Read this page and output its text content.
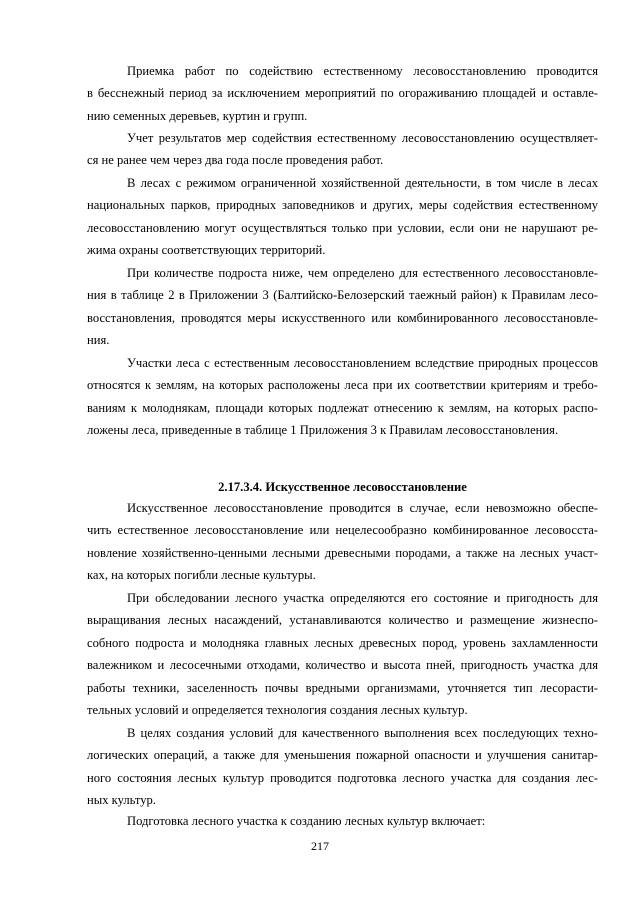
Приемка работ по содействию естественному лесовосстановлению проводится
в бесснежный период за исключением мероприятий по огораживанию площадей и оставле-
нию семенных деревьев, куртин и групп.
Учет результатов мер содействия естественному лесовосстановлению осуществляет-
ся не ранее чем через два года после проведения работ.
В лесах с режимом ограниченной хозяйственной деятельности, в том числе в лесах
национальных парков, природных заповедников и других, меры содействия естественному
лесовосстановлению могут осуществляться только при условии, если они не нарушают ре-
жима охраны соответствующих территорий.
При количестве подроста ниже, чем определено для естественного лесовосстановле-
ния в таблице 2 в Приложении 3 (Балтийско-Белозерский таежный район) к Правилам лесо-
восстановления, проводятся меры искусственного или комбинированного лесовосстановле-
ния.
Участки леса с естественным лесовосстановлением вследствие природных процессов
относятся к землям, на которых расположены леса при их соответствии критериям и требо-
ваниям к молоднякам, площади которых подлежат отнесению к землям, на которых распо-
ложены леса, приведенные в таблице 1 Приложения 3 к Правилам лесовосстановления.
2.17.3.4. Искусственное лесовосстановление
Искусственное лесовосстановление проводится в случае, если невозможно обеспе-
чить естественное лесовосстановление или нецелесообразно комбинированное лесовосста-
новление хозяйственно-ценными лесными древесными породами, а также на лесных участ-
ках, на которых погибли лесные культуры.
При обследовании лесного участка определяются его состояние и пригодность для
выращивания лесных насаждений, устанавливаются количество и размещение жизнеспо-
собного подроста и молодняка главных лесных древесных пород, уровень захламленности
валежником и лесосечными отходами, количество и высота пней, пригодность участка для
работы техники, заселенность почвы вредными организмами, уточняется тип лесорасти-
тельных условий и определяется технология создания лесных культур.
В целях создания условий для качественного выполнения всех последующих техно-
логических операций, а также для уменьшения пожарной опасности и улучшения санитар-
ного состояния лесных культур проводится подготовка лесного участка для создания лес-
ных культур.
Подготовка лесного участка к созданию лесных культур включает:
217
